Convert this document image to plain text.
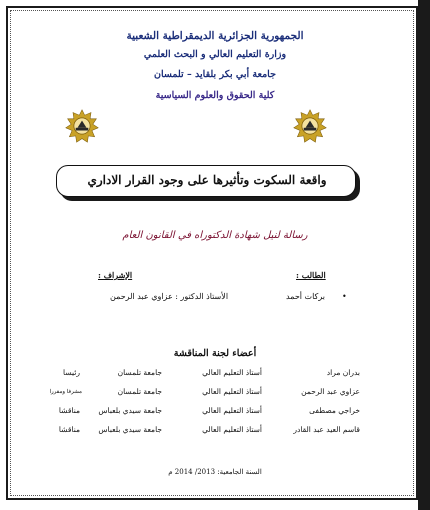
الجمهورية الجزائرية الديمقراطية الشعبية
وزارة التعليم العالي و البحث العلمي
جامعة أبي بكر بلقايد – تلمسان
كلية الحقوق والعلوم السياسية
واقعة السكوت وتأثيرها على وجود القرار الاداري
رسالة لنيل شهادة الدكتوراه في القانون العام
الطالب :
الإشراف :
•
بركات أحمد
الأستاذ الدكتور : عزاوي عبد الرحمن
أعضاء لجنة المناقشة
بدران مراد
أستاذ التعليم العالي
جامعة تلمسان
رئيسا
عزاوي عبد الرحمن
أستاذ التعليم العالي
جامعة تلمسان
مشرفا ومقررا
خراجي مصطفى
أستاذ التعليم العالي
جامعة سيدي بلعباس
مناقشا
قاسم العيد عبد القادر
أستاذ التعليم العالي
جامعة سيدي بلعباس
مناقشا
السنة الجامعية: 2013/ 2014 م
